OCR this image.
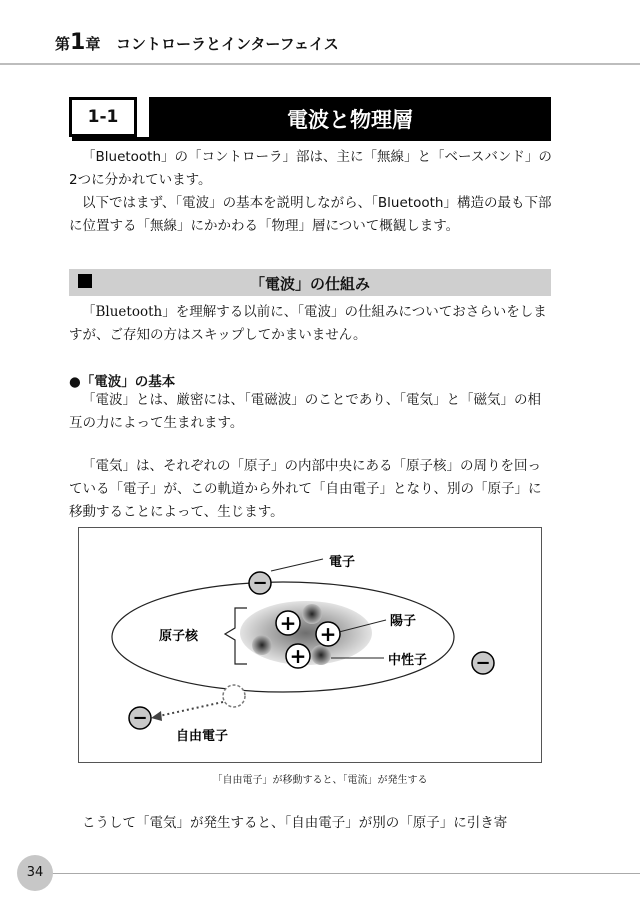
第1章 コントローラとインターフェイス
1-1	電波と物理層

「Bluetooth」の「コントローラ」部は、主に「無線」と「ベースバンド」の2つに分かれています。

以下ではまず、「電波」の基本を説明しながら、「Bluetooth」構造の最も下部に位置する「無線」にかかわる「物理」層について概観します。

「電波」の仕組み

「Bluetooth」を理解する以前に、「電波」の仕組みについておさらいをしますが、ご存知の方はスキップしてかまいません。

●「電波」の基本

「電波」とは、厳密には、「電磁波」のことであり、「電気」と「磁気」の相互の力によって生まれます。

「電気」は、それぞれの「原子」の内部中央にある「原子核」の周りを回っている「電子」が、この軌道から外れて「自由電子」となり、別の「原子」に移動することによって、生じます。

+ +
+
−
−
−
電子
原子核
陽子
中性子
自由電子
「自由電子」が移動すると、「電流」が発生する

こうして「電気」が発生すると、「自由電子」が別の「原子」に引き寄

34
